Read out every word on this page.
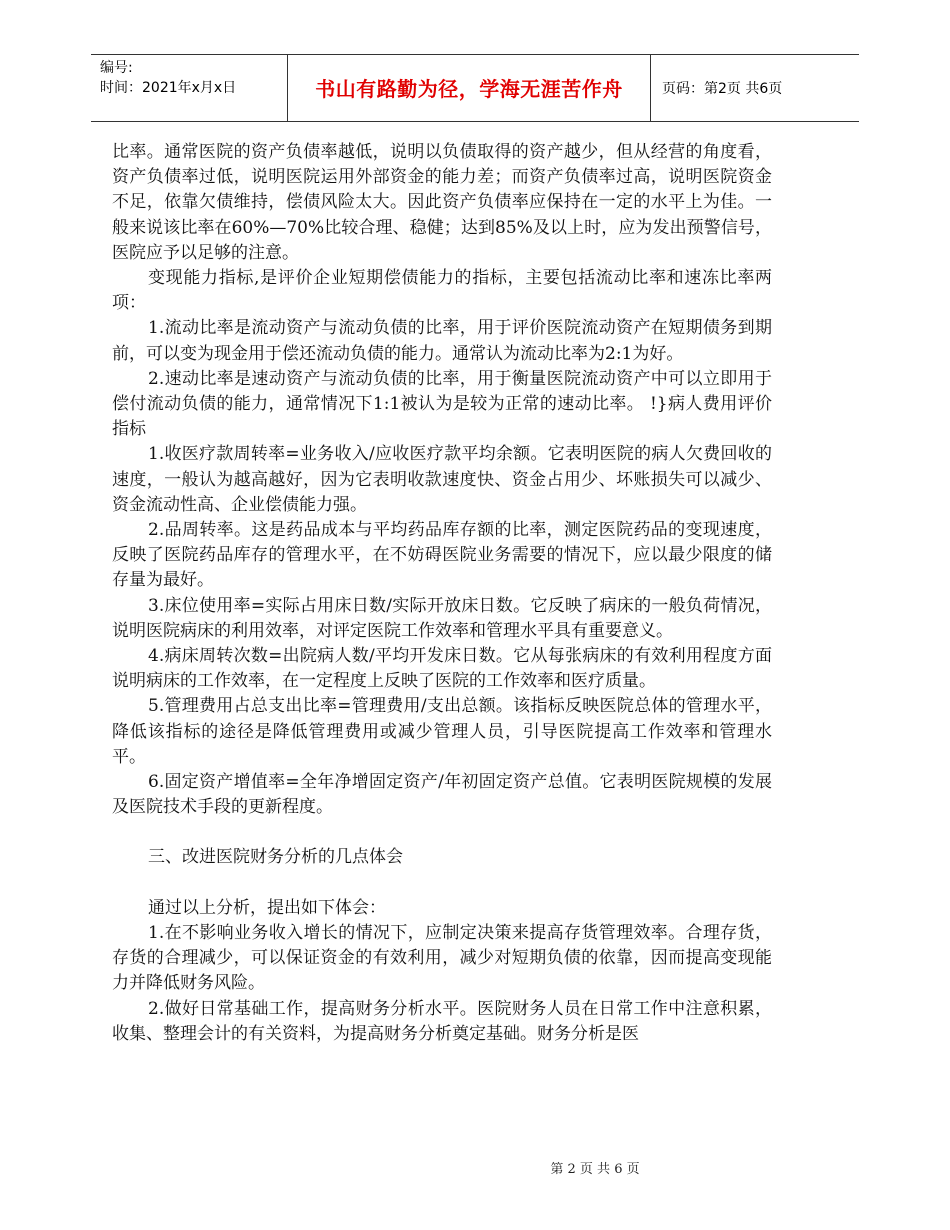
编号:
时间：2021年x月x日	书山有路勤为径，学海无涯苦作舟	页码：第2页 共6页

比率。通常医院的资产负债率越低，说明以负债取得的资产越少，但从经营的角度看，资产负债率过低，说明医院运用外部资金的能力差；而资产负债率过高，说明医院资金不足，依靠欠债维持，偿债风险太大。因此资产负债率应保持在一定的水平上为佳。一般来说该比率在60%—70%比较合理、稳健；达到85%及以上时，应为发出预警信号，医院应予以足够的注意。

变现能力指标,是评价企业短期偿债能力的指标，主要包括流动比率和速冻比率两项：

1.流动比率是流动资产与流动负债的比率，用于评价医院流动资产在短期债务到期前，可以变为现金用于偿还流动负债的能力。通常认为流动比率为2:1为好。

2.速动比率是速动资产与流动负债的比率，用于衡量医院流动资产中可以立即用于偿付流动负债的能力，通常情况下1:1被认为是较为正常的速动比率。 !}病人费用评价指标

1.收医疗款周转率=业务收入/应收医疗款平均余额。它表明医院的病人欠费回收的速度，一般认为越高越好，因为它表明收款速度快、资金占用少、坏账损失可以减少、资金流动性高、企业偿债能力强。

2.品周转率。这是药品成本与平均药品库存额的比率，测定医院药品的变现速度，反映了医院药品库存的管理水平，在不妨碍医院业务需要的情况下，应以最少限度的储存量为最好。

3.床位使用率=实际占用床日数/实际开放床日数。它反映了病床的一般负荷情况，说明医院病床的利用效率，对评定医院工作效率和管理水平具有重要意义。

4.病床周转次数=出院病人数/平均开发床日数。它从每张病床的有效利用程度方面说明病床的工作效率，在一定程度上反映了医院的工作效率和医疗质量。

5.管理费用占总支出比率=管理费用/支出总额。该指标反映医院总体的管理水平，降低该指标的途径是降低管理费用或减少管理人员，引导医院提高工作效率和管理水平。

6.固定资产增值率=全年净增固定资产/年初固定资产总值。它表明医院规模的发展及医院技术手段的更新程度。

三、改进医院财务分析的几点体会

通过以上分析，提出如下体会：

1.在不影响业务收入增长的情况下，应制定决策来提高存货管理效率。合理存货，存货的合理减少，可以保证资金的有效利用，减少对短期负债的依靠，因而提高变现能力并降低财务风险。

2.做好日常基础工作，提高财务分析水平。医院财务人员在日常工作中注意积累，收集、整理会计的有关资料，为提高财务分析奠定基础。财务分析是医

第 2 页 共 6 页
